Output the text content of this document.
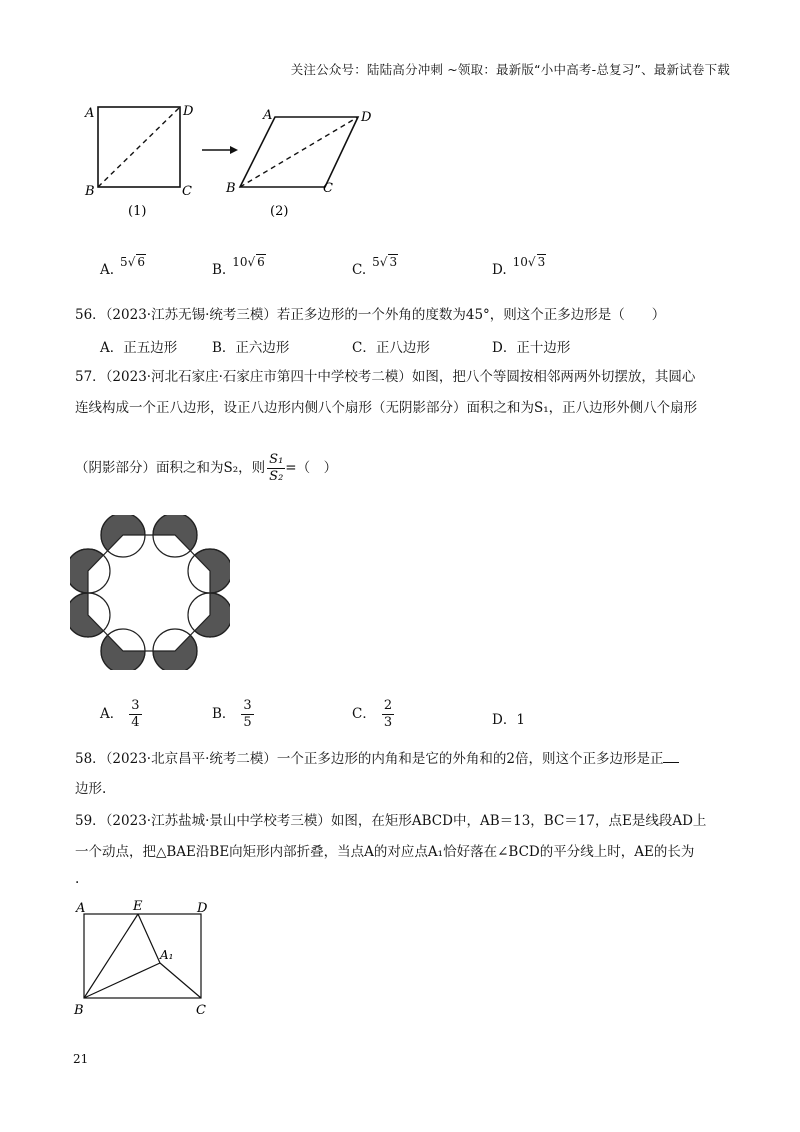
关注公众号：陆陆高分冲刺 ~领取：最新版“小中高考-总复习”、最新试卷下载
A	D
B	C
(1)
A	D
B	C
(2)
A. 5√ 6	B. 10√ 6	C. 5√ 3	D. 10√ 3
56．（2023·江苏无锡·统考三模）若正多边形的一个外角的度数为45°，则这个正多边形是（　　）
A．正五边形	B．正六边形	C．正八边形	D．正十边形
57．（2023·河北石家庄·石家庄市第四十中学校考二模）如图，把八个等圆按相邻两两外切摆放，其圆心
连线构成一个正八边形，设正八边形内侧八个扇形（无阴影部分）面积之和为S₁，正八边形外侧八个扇形
（阴影部分）面积之和为S₂，则 $\frac{\text{S₁}}{\text{S₂}}$ =（　）
A． $\frac{3}{4}$	B． $\frac{3}{5}$	C． $\frac{2}{3}$	D．1
58．（2023·北京昌平·统考二模）一个正多边形的内角和是它的外角和的2倍，则这个正多边形是正
边形.
59．（2023·江苏盐城·景山中学校考三模）如图，在矩形ABCD中，AB＝13，BC＝17，点E是线段AD上
一个动点，把△BAE沿BE向矩形内部折叠，当点A的对应点A₁恰好落在∠BCD的平分线上时，AE的长为
.
A	E	D
A₁
B	C
21
